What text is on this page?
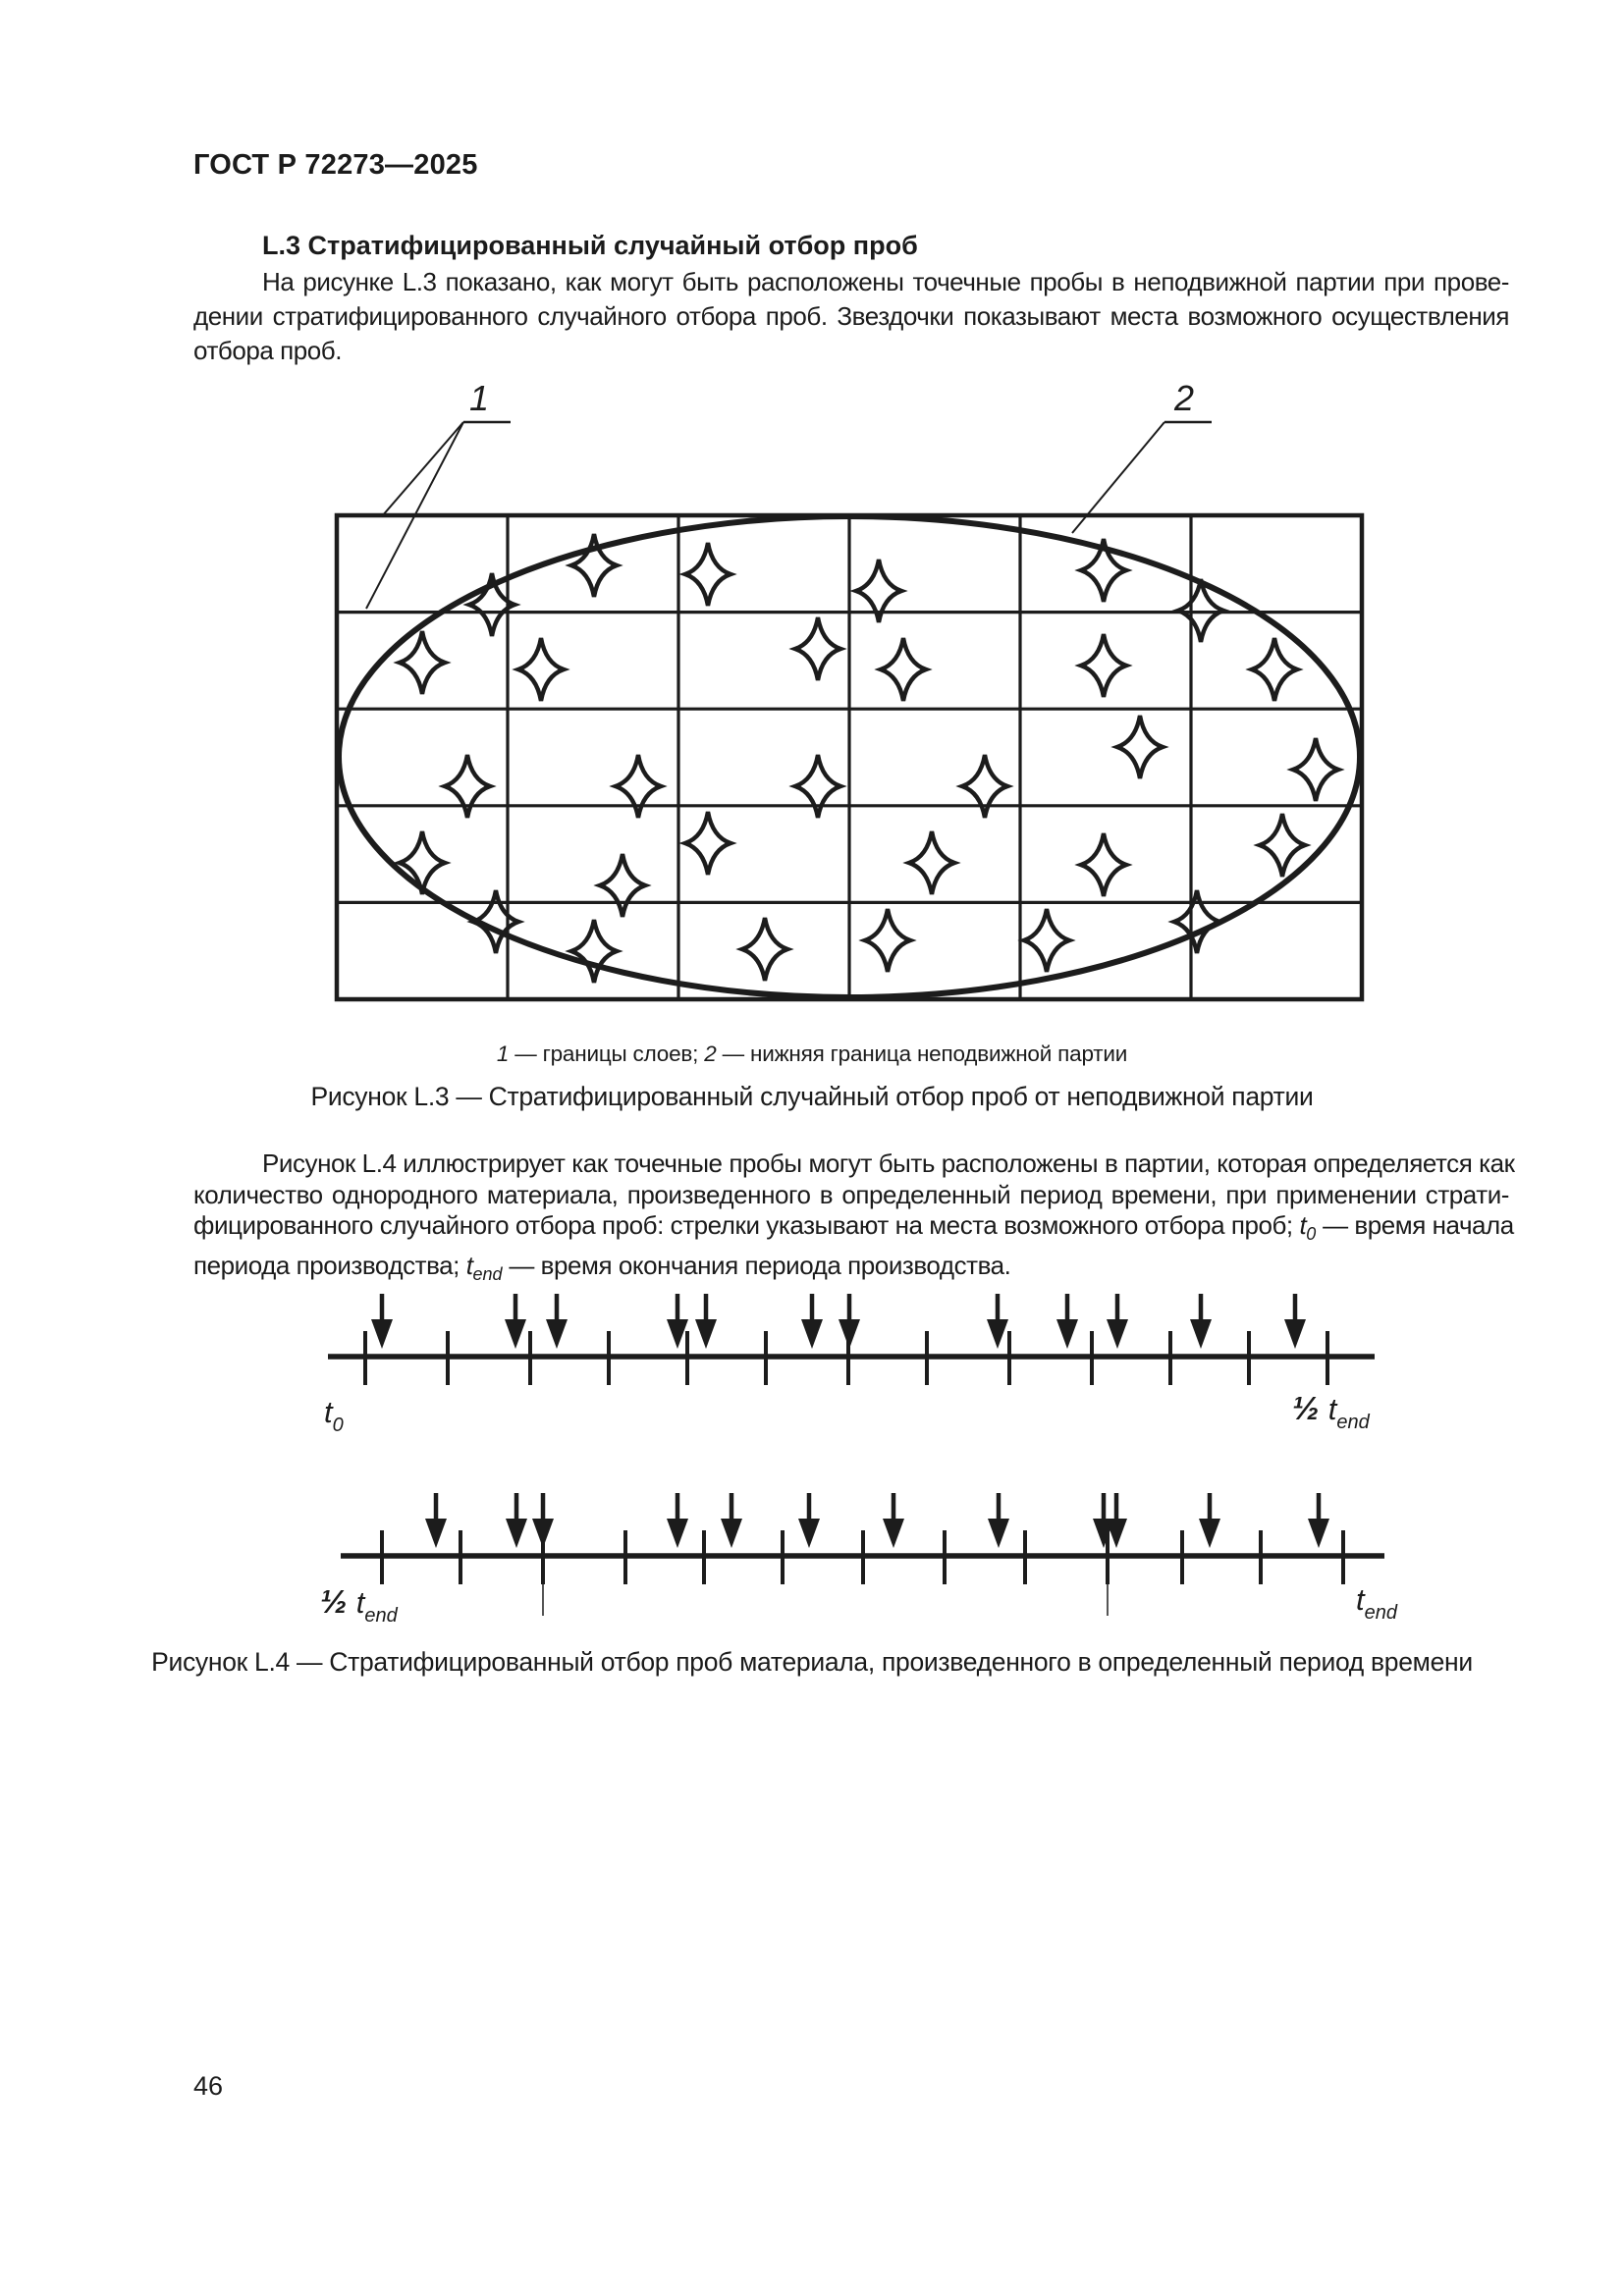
ГОСТ Р 72273—2025
L.3 Стратифицированный случайный отбор проб
На рисунке L.3 показано, как могут быть расположены точечные пробы в неподвижной партии при прове-
дении стратифицированного случайного отбора проб. Звездочки показывают места возможного осуществления
отбора проб.
1	2
1 — границы слоев; 2 — нижняя граница неподвижной партии
Рисунок L.3 — Стратифицированный случайный отбор проб от неподвижной партии
Рисунок L.4 иллюстрирует как точечные пробы могут быть расположены в партии, которая определяется как
количество однородного материала, произведенного в определенный период времени, при применении страти-
фицированного случайного отбора проб: стрелки указывают на места возможного отбора проб; $t_0$ — время начала
периода производства; $t_{end}$ — время окончания периода производства.
t0	½ tend
½ tend	tend
Рисунок L.4 — Стратифицированный отбор проб материала, произведенного в определенный период времени
46
